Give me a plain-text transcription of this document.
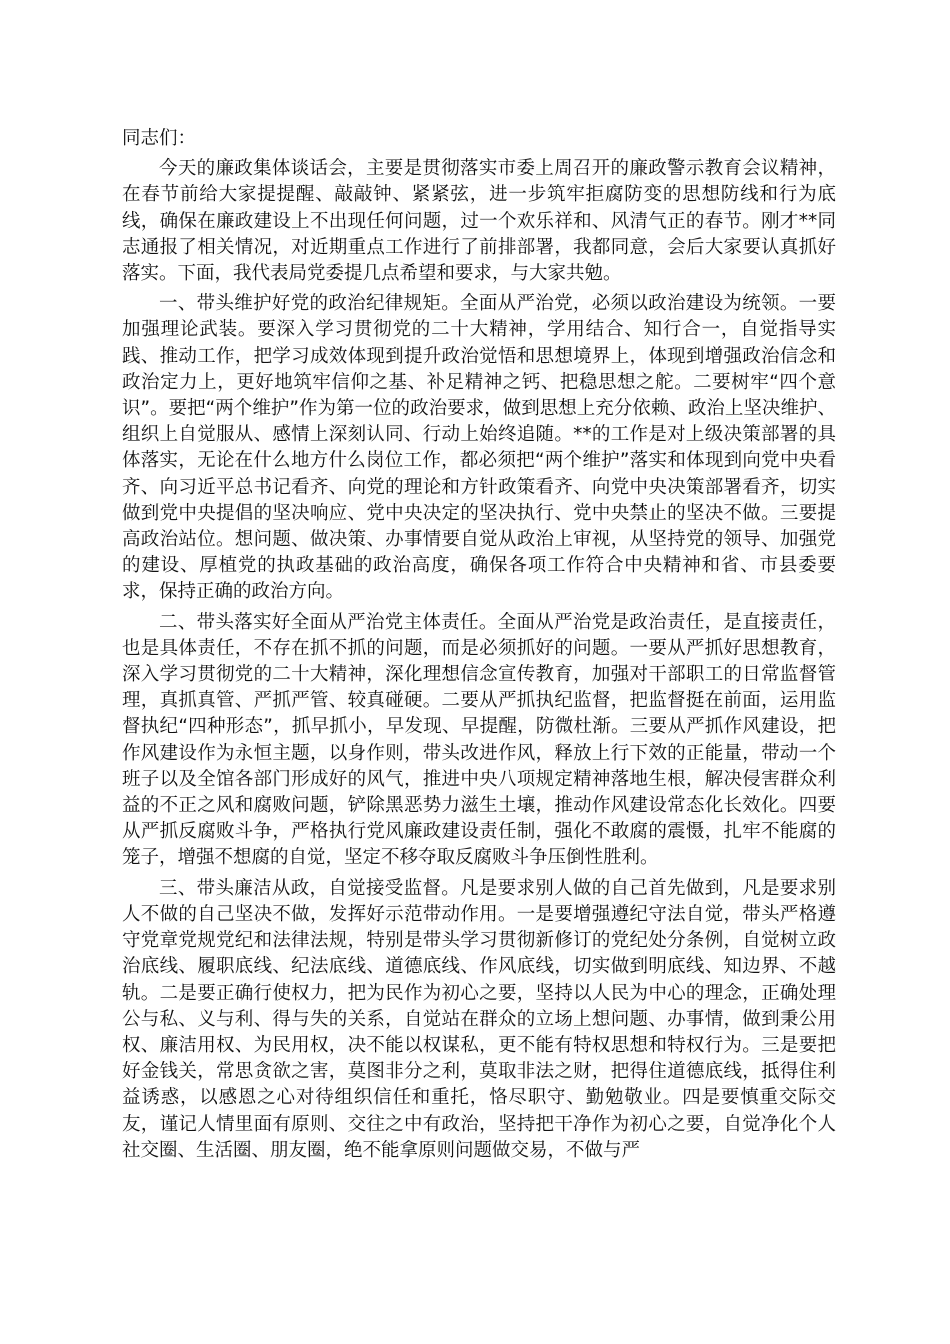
同志们：

今天的廉政集体谈话会，主要是贯彻落实市委上周召开的廉政警示教育会议精神，在春节前给大家提提醒、敲敲钟、紧紧弦，进一步筑牢拒腐防变的思想防线和行为底线，确保在廉政建设上不出现任何问题，过一个欢乐祥和、风清气正的春节。刚才**同志通报了相关情况，对近期重点工作进行了前排部署，我都同意，会后大家要认真抓好落实。下面，我代表局党委提几点希望和要求，与大家共勉。

一、带头维护好党的政治纪律规矩。全面从严治党，必须以政治建设为统领。一要加强理论武装。要深入学习贯彻党的二十大精神，学用结合、知行合一，自觉指导实践、推动工作，把学习成效体现到提升政治觉悟和思想境界上，体现到增强政治信念和政治定力上，更好地筑牢信仰之基、补足精神之钙、把稳思想之舵。二要树牢“四个意识”。要把“两个维护”作为第一位的政治要求，做到思想上充分依赖、政治上坚决维护、组织上自觉服从、感情上深刻认同、行动上始终追随。**的工作是对上级决策部署的具体落实，无论在什么地方什么岗位工作，都必须把“两个维护”落实和体现到向党中央看齐、向习近平总书记看齐、向党的理论和方针政策看齐、向党中央决策部署看齐，切实做到党中央提倡的坚决响应、党中央决定的坚决执行、党中央禁止的坚决不做。三要提高政治站位。想问题、做决策、办事情要自觉从政治上审视，从坚持党的领导、加强党的建设、厚植党的执政基础的政治高度，确保各项工作符合中央精神和省、市县委要求，保持正确的政治方向。

二、带头落实好全面从严治党主体责任。全面从严治党是政治责任，是直接责任，也是具体责任，不存在抓不抓的问题，而是必须抓好的问题。一要从严抓好思想教育，深入学习贯彻党的二十大精神，深化理想信念宣传教育，加强对干部职工的日常监督管理，真抓真管、严抓严管、较真碰硬。二要从严抓执纪监督，把监督挺在前面，运用监督执纪“四种形态”，抓早抓小，早发现、早提醒，防微杜渐。三要从严抓作风建设，把作风建设作为永恒主题，以身作则，带头改进作风，释放上行下效的正能量，带动一个班子以及全馆各部门形成好的风气，推进中央八项规定精神落地生根，解决侵害群众利益的不正之风和腐败问题，铲除黑恶势力滋生土壤，推动作风建设常态化长效化。四要从严抓反腐败斗争，严格执行党风廉政建设责任制，强化不敢腐的震慑，扎牢不能腐的笼子，增强不想腐的自觉，坚定不移夺取反腐败斗争压倒性胜利。

三、带头廉洁从政，自觉接受监督。凡是要求别人做的自己首先做到，凡是要求别人不做的自己坚决不做，发挥好示范带动作用。一是要增强遵纪守法自觉，带头严格遵守党章党规党纪和法律法规，特别是带头学习贯彻新修订的党纪处分条例，自觉树立政治底线、履职底线、纪法底线、道德底线、作风底线，切实做到明底线、知边界、不越轨。二是要正确行使权力，把为民作为初心之要，坚持以人民为中心的理念，正确处理公与私、义与利、得与失的关系，自觉站在群众的立场上想问题、办事情，做到秉公用权、廉洁用权、为民用权，决不能以权谋私，更不能有特权思想和特权行为。三是要把好金钱关，常思贪欲之害，莫图非分之利，莫取非法之财，把得住道德底线，抵得住利益诱惑，以感恩之心对待组织信任和重托，恪尽职守、勤勉敬业。四是要慎重交际交友，谨记人情里面有原则、交往之中有政治，坚持把干净作为初心之要，自觉净化个人社交圈、生活圈、朋友圈，绝不能拿原则问题做交易，不做与严
